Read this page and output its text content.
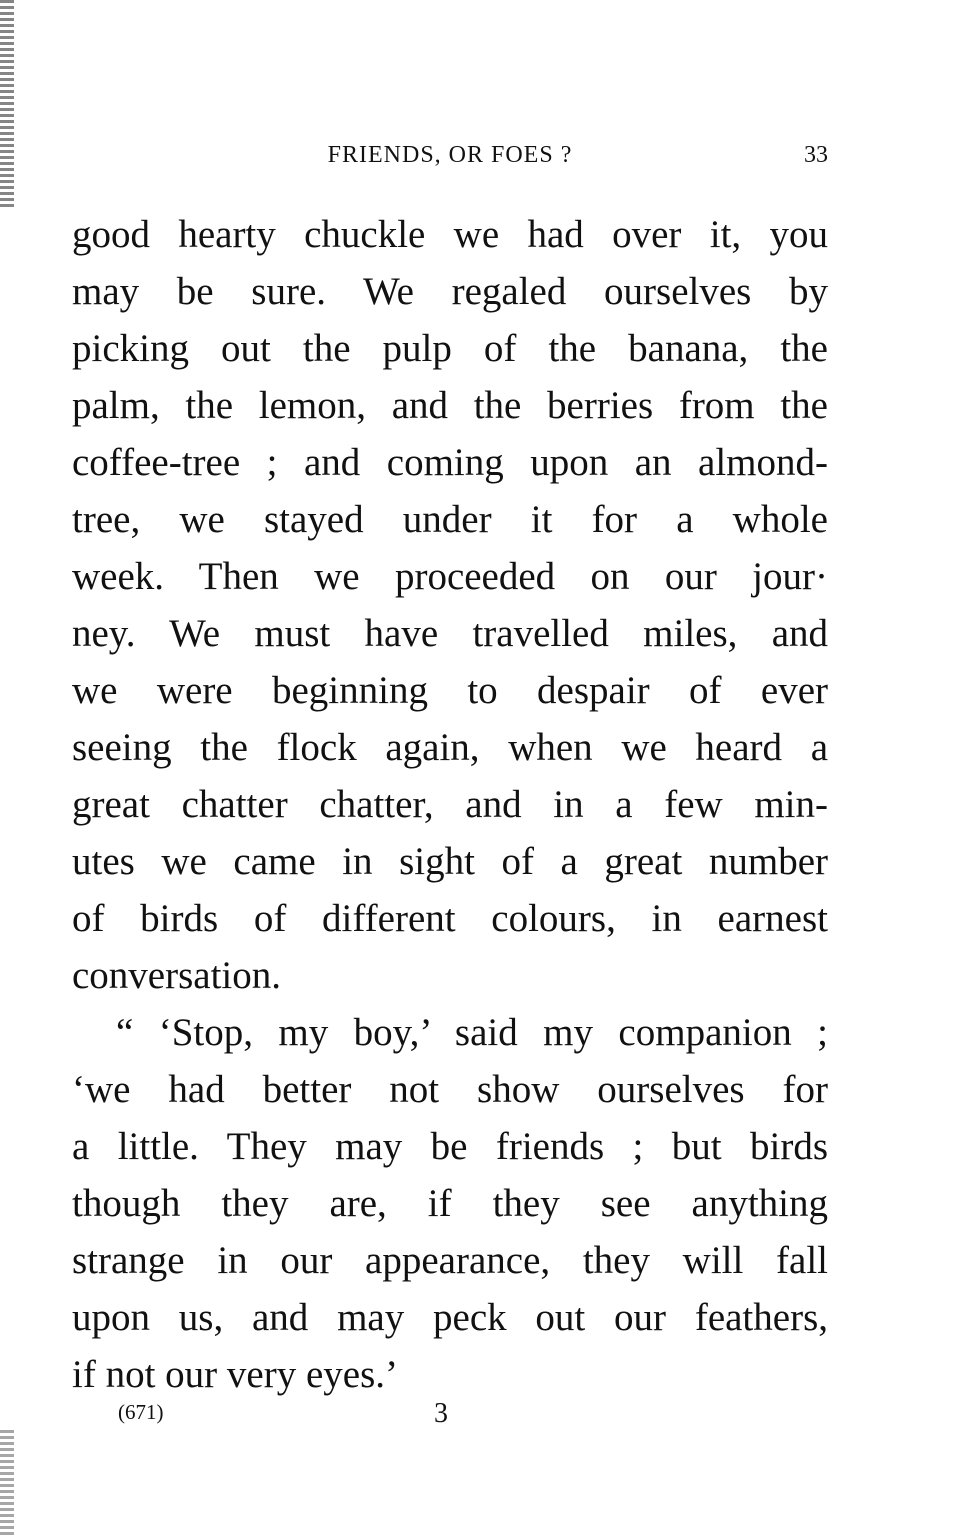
FRIENDS, OR FOES ?	33
good hearty chuckle we had over it, you
may be sure. We regaled ourselves by
picking out the pulp of the banana, the
palm, the lemon, and the berries from the
coffee-tree ; and coming upon an almond-
tree, we stayed under it for a whole
week. Then we proceeded on our jour·
ney. We must have travelled miles, and
we were beginning to despair of ever
seeing the flock again, when we heard a
great chatter chatter, and in a few min-
utes we came in sight of a great number
of birds of different colours, in earnest
conversation.
“ ‘Stop, my boy,’ said my companion ;
‘we had better not show ourselves for
a little. They may be friends ; but birds
though they are, if they see anything
strange in our appearance, they will fall
upon us, and may peck out our feathers,
if not our very eyes.’
(671)	3
